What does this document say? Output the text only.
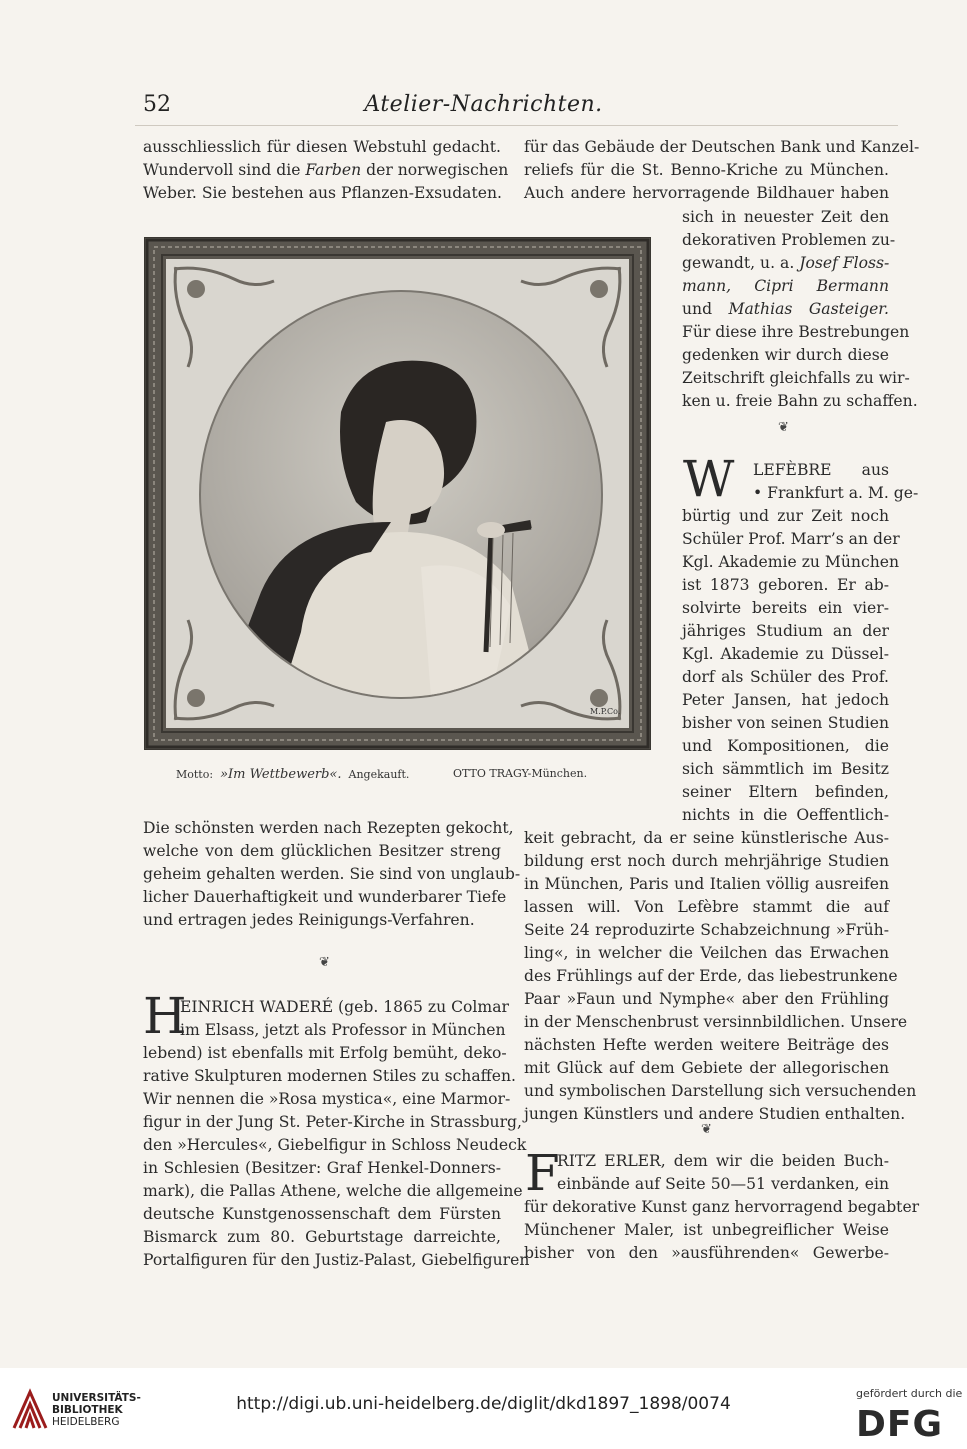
52	Atelier-Nachrichten.
ausschliesslich für diesen Webstuhl gedacht.
Wundervoll sind die Farben der norwegischen
Weber. Sie bestehen aus Pflanzen-Exsudaten.
für das Gebäude der Deutschen Bank und Kanzel-
reliefs für die St. Benno-Kriche zu München.
Auch andere hervorragende Bildhauer haben
sich in neuester Zeit den
dekorativen Problemen zu-
gewandt, u. a. Josef Floss-
mann, Cipri Bermann
und Mathias Gasteiger.
Für diese ihre Bestrebungen
gedenken wir durch diese
Zeitschrift gleichfalls zu wir-
ken u. freie Bahn zu schaffen.
❦
W LEFÈBRE aus
• Frankfurt a. M. ge-
bürtig und zur Zeit noch
Schüler Prof. Marr’s an der
Kgl. Akademie zu München
ist 1873 geboren. Er ab-
solvirte bereits ein vier-
jähriges Studium an der
Kgl. Akademie zu Düssel-
dorf als Schüler des Prof.
Peter Jansen, hat jedoch
bisher von seinen Studien
und Kompositionen, die
sich sämmtlich im Besitz
seiner Eltern befinden,
nichts in die Oeffentlich-
keit gebracht, da er seine künstlerische Aus-
bildung erst noch durch mehrjährige Studien
in München, Paris und Italien völlig ausreifen
lassen will. Von Lefèbre stammt die auf
Seite 24 reproduzirte Schabzeichnung »Früh-
ling«, in welcher die Veilchen das Erwachen
des Frühlings auf der Erde, das liebestrunkene
Paar »Faun und Nymphe« aber den Frühling
in der Menschenbrust versinnbildlichen. Unsere
nächsten Hefte werden weitere Beiträge des
mit Glück auf dem Gebiete der allegorischen
und symbolischen Darstellung sich versuchenden
jungen Künstlers und andere Studien enthalten.
❦
F
RITZ ERLER, dem wir die beiden Buch-
einbände auf Seite 50—51 verdanken, ein
für dekorative Kunst ganz hervorragend begabter
Münchener Maler, ist unbegreiflicher Weise
bisher von den »ausführenden« Gewerbe-
M.P.Co.
Motto: »Im Wettbewerb«. Angekauft.	OTTO TRAGY-München.
Die schönsten werden nach Rezepten gekocht,
welche von dem glücklichen Besitzer streng
geheim gehalten werden. Sie sind von unglaub-
licher Dauerhaftigkeit und wunderbarer Tiefe
und ertragen jedes Reinigungs-Verfahren.
❦
H
EINRICH WADERÉ (geb. 1865 zu Colmar
im Elsass, jetzt als Professor in München
lebend) ist ebenfalls mit Erfolg bemüht, deko-
rative Skulpturen modernen Stiles zu schaffen.
Wir nennen die »Rosa mystica«, eine Marmor-
figur in der Jung St. Peter-Kirche in Strassburg,
den »Hercules«, Giebelfigur in Schloss Neudeck
in Schlesien (Besitzer: Graf Henkel-Donners-
mark), die Pallas Athene, welche die allgemeine
deutsche Kunstgenossenschaft dem Fürsten
Bismarck zum 80. Geburtstage darreichte,
Portalfiguren für den Justiz-Palast, Giebelfiguren
UNIVERSITÄTS-
BIBLIOTHEK
HEIDELBERG
http://digi.ub.uni-heidelberg.de/diglit/dkd1897_1898/0074
gefördert durch die
DFG
